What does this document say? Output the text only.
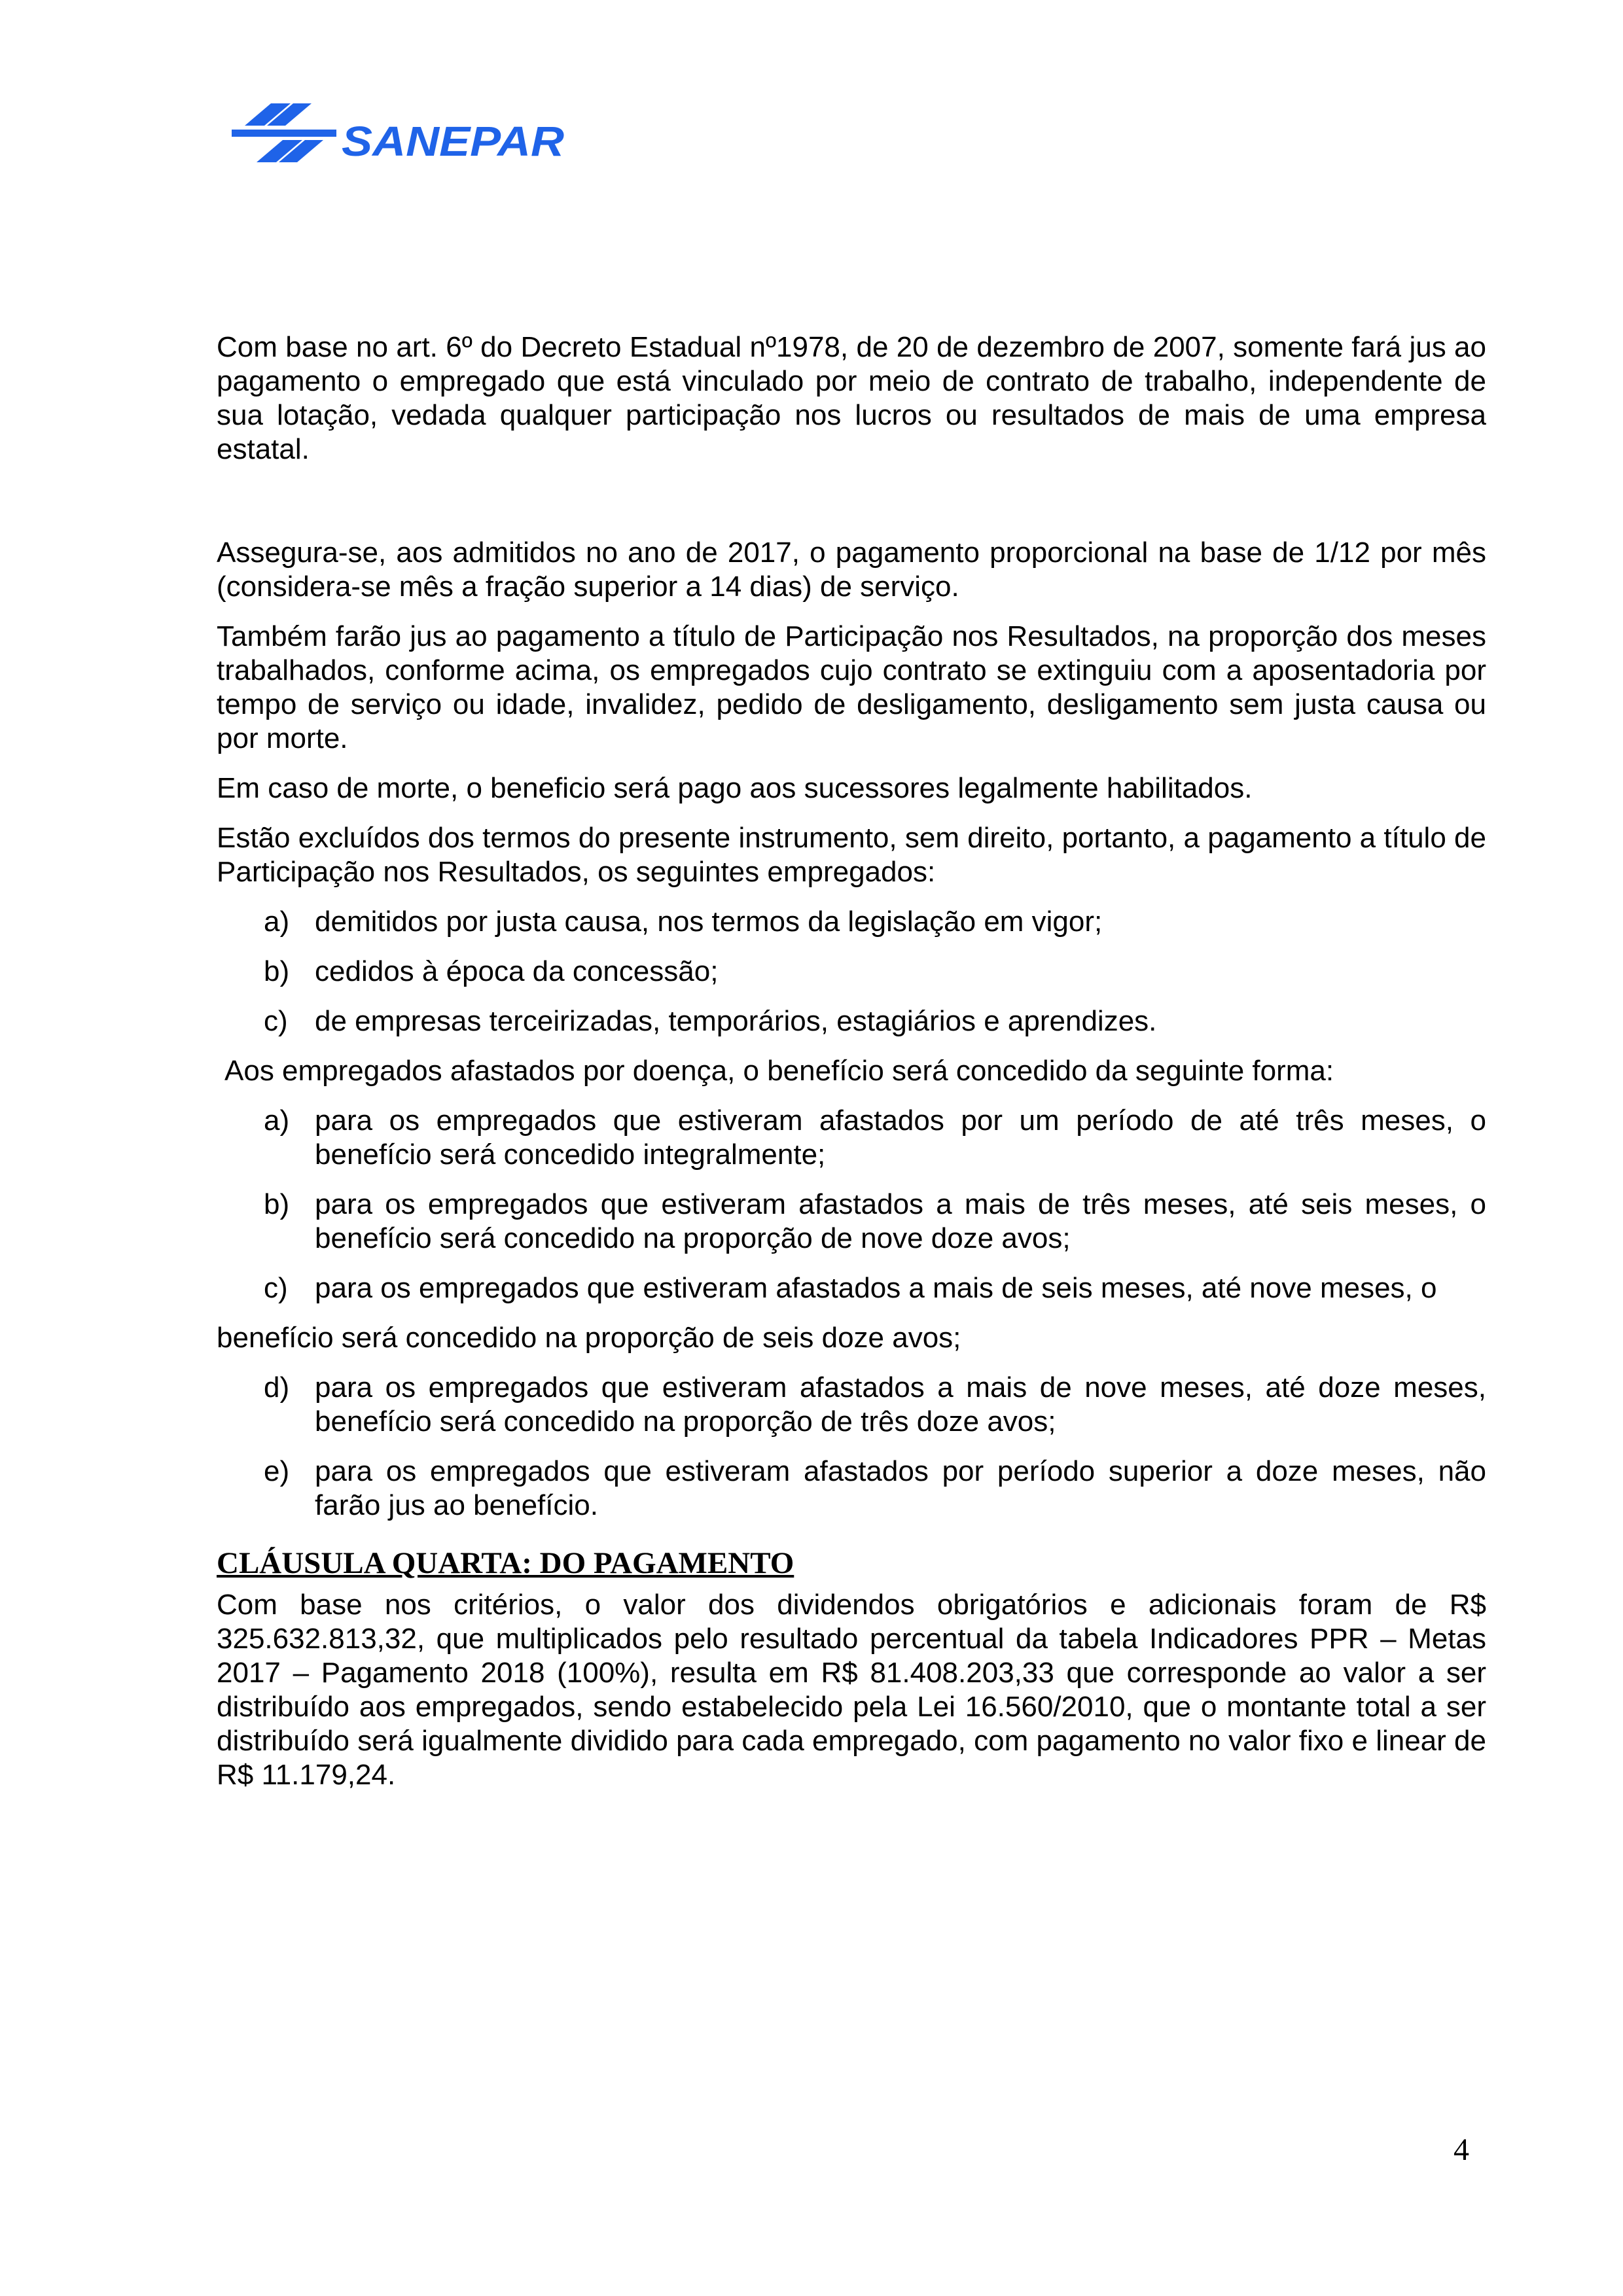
SANEPAR

Com base no art. 6º do Decreto Estadual nº1978, de 20 de dezembro de 2007, somente fará jus ao pagamento o empregado que está vinculado por meio de contrato de trabalho, independente de sua lotação, vedada qualquer participação nos lucros ou resultados de mais de uma empresa estatal.

Assegura-se, aos admitidos no ano de 2017, o pagamento proporcional na base de 1/12 por mês (considera-se mês a fração superior a 14 dias) de serviço.

Também farão jus ao pagamento a título de Participação nos Resultados, na proporção dos meses trabalhados, conforme acima, os empregados cujo contrato se extinguiu com a aposentadoria por tempo de serviço ou idade, invalidez, pedido de desligamento, desligamento sem justa causa ou por morte.

Em caso de morte, o beneficio será pago aos sucessores legalmente habilitados.

Estão excluídos dos termos do presente instrumento, sem direito, portanto, a pagamento a título de Participação nos Resultados, os seguintes empregados:

a) demitidos por justa causa, nos termos da legislação em vigor;
b) cedidos à época da concessão;
c) de empresas terceirizadas, temporários, estagiários e aprendizes.

Aos empregados afastados por doença, o benefício será concedido da seguinte forma:

a) para os empregados que estiveram afastados por um período de até três meses, o benefício será concedido integralmente;
b) para os empregados que estiveram afastados a mais de três meses, até seis meses, o benefício será concedido na proporção de nove doze avos;
c) para os empregados que estiveram afastados a mais de seis meses, até nove meses, o

benefício será concedido na proporção de seis doze avos;

d) para os empregados que estiveram afastados a mais de nove meses, até doze meses, benefício será concedido na proporção de três doze avos;
e) para os empregados que estiveram afastados por período superior a doze meses, não farão jus ao benefício.

CLÁUSULA QUARTA: DO PAGAMENTO

Com base nos critérios, o valor dos dividendos obrigatórios e adicionais foram de R$ 325.632.813,32, que multiplicados pelo resultado percentual da tabela Indicadores PPR – Metas 2017 – Pagamento 2018 (100%), resulta em R$ 81.408.203,33 que corresponde ao valor a ser distribuído aos empregados, sendo estabelecido pela Lei 16.560/2010, que o montante total a ser distribuído será igualmente dividido para cada empregado, com pagamento no valor fixo e linear de R$ 11.179,24.

4
